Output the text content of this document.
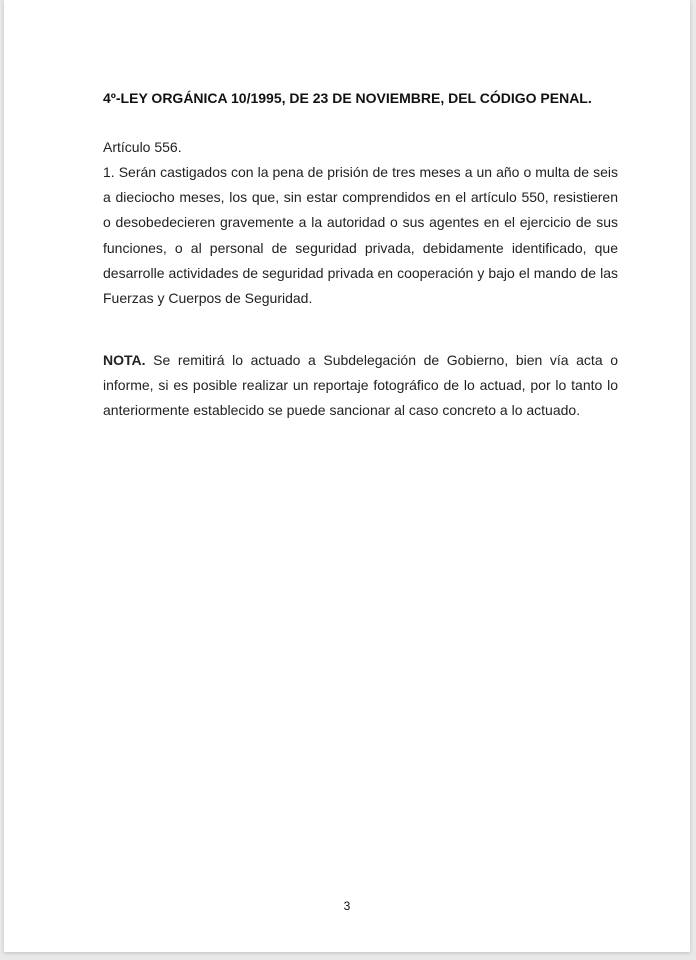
4º-LEY ORGÁNICA 10/1995, DE 23 DE NOVIEMBRE, DEL CÓDIGO PENAL.
Artículo 556.
1. Serán castigados con la pena de prisión de tres meses a un año o multa de seis a dieciocho meses, los que, sin estar comprendidos en el artículo 550, resistieren o desobedecieren gravemente a la autoridad o sus agentes en el ejercicio de sus funciones, o al personal de seguridad privada, debidamente identificado, que desarrolle actividades de seguridad privada en cooperación y bajo el mando de las Fuerzas y Cuerpos de Seguridad.
NOTA. Se remitirá lo actuado a Subdelegación de Gobierno, bien vía acta o informe, si es posible realizar un reportaje fotográfico de lo actuad, por lo tanto lo anteriormente establecido se puede sancionar al caso concreto a lo actuado.
3
